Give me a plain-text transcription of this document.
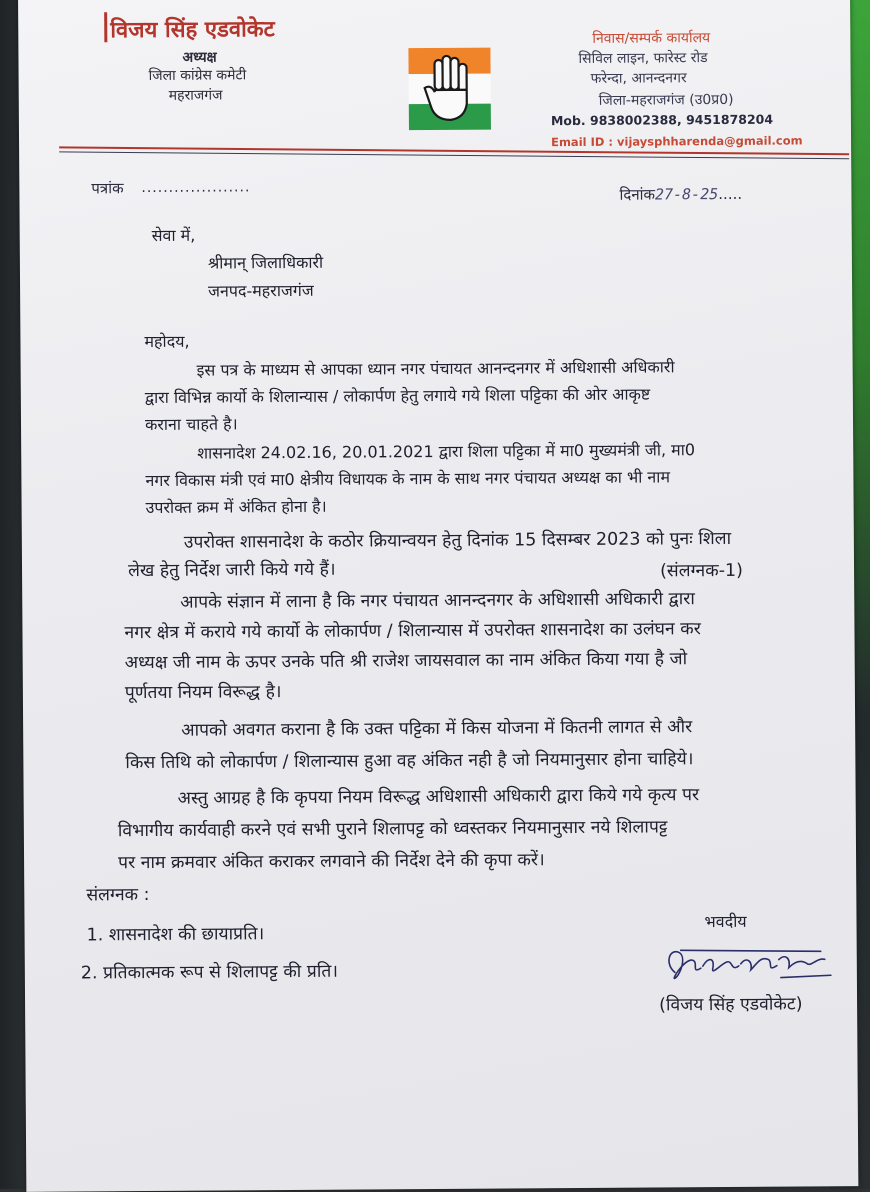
विजय सिंह एडवोकेट
अध्यक्ष
जिला कांग्रेस कमेटी
महराजगंज
निवास/सम्पर्क कार्यालय
सिविल लाइन, फारेस्ट रोड
फरेन्दा, आनन्दनगर
जिला-महराजगंज (उ0प्र0)
Mob. 9838002388, 9451878204
Email ID : vijaysphharenda@gmail.com
पत्रांक ....................	दिनांक27-8-25.....
सेवा में,
श्रीमान् जिलाधिकारी
जनपद-महराजगंज
महोदय,
इस पत्र के माध्यम से आपका ध्यान नगर पंचायत आनन्दनगर में अधिशासी अधिकारी
द्वारा विभिन्न कार्यो के शिलान्यास / लोकार्पण हेतु लगाये गये शिला पट्टिका की ओर आकृष्ट
कराना चाहते है।
शासनादेश 24.02.16, 20.01.2021 द्वारा शिला पट्टिका में मा0 मुख्यमंत्री जी, मा0
नगर विकास मंत्री एवं मा0 क्षेत्रीय विधायक के नाम के साथ नगर पंचायत अध्यक्ष का भी नाम
उपरोक्त क्रम में अंकित होना है।
उपरोक्त शासनादेश के कठोर क्रियान्वयन हेतु दिनांक 15 दिसम्बर 2023 को पुनः शिला
लेख हेतु निर्देश जारी किये गये हैं।	(संलग्नक-1)
आपके संज्ञान में लाना है कि नगर पंचायत आनन्दनगर के अधिशासी अधिकारी द्वारा
नगर क्षेत्र में कराये गये कार्यो के लोकार्पण / शिलान्यास में उपरोक्त शासनादेश का उलंघन कर
अध्यक्ष जी नाम के ऊपर उनके पति श्री राजेश जायसवाल का नाम अंकित किया गया है जो
पूर्णतया नियम विरूद्ध है।
आपको अवगत कराना है कि उक्त पट्टिका में किस योजना में कितनी लागत से और
किस तिथि को लोकार्पण / शिलान्यास हुआ वह अंकित नही है जो नियमानुसार होना चाहिये।
अस्तु आग्रह है कि कृपया नियम विरूद्ध अधिशासी अधिकारी द्वारा किये गये कृत्य पर
विभागीय कार्यवाही करने एवं सभी पुराने शिलापट्ट को ध्वस्तकर नियमानुसार नये शिलापट्ट
पर नाम क्रमवार अंकित कराकर लगवाने की निर्देश देने की कृपा करें।
संलग्नक :
1. शासनादेश की छायाप्रति।
2. प्रतिकात्मक रूप से शिलापट्ट की प्रति।
भवदीय
(विजय सिंह एडवोकेट)
